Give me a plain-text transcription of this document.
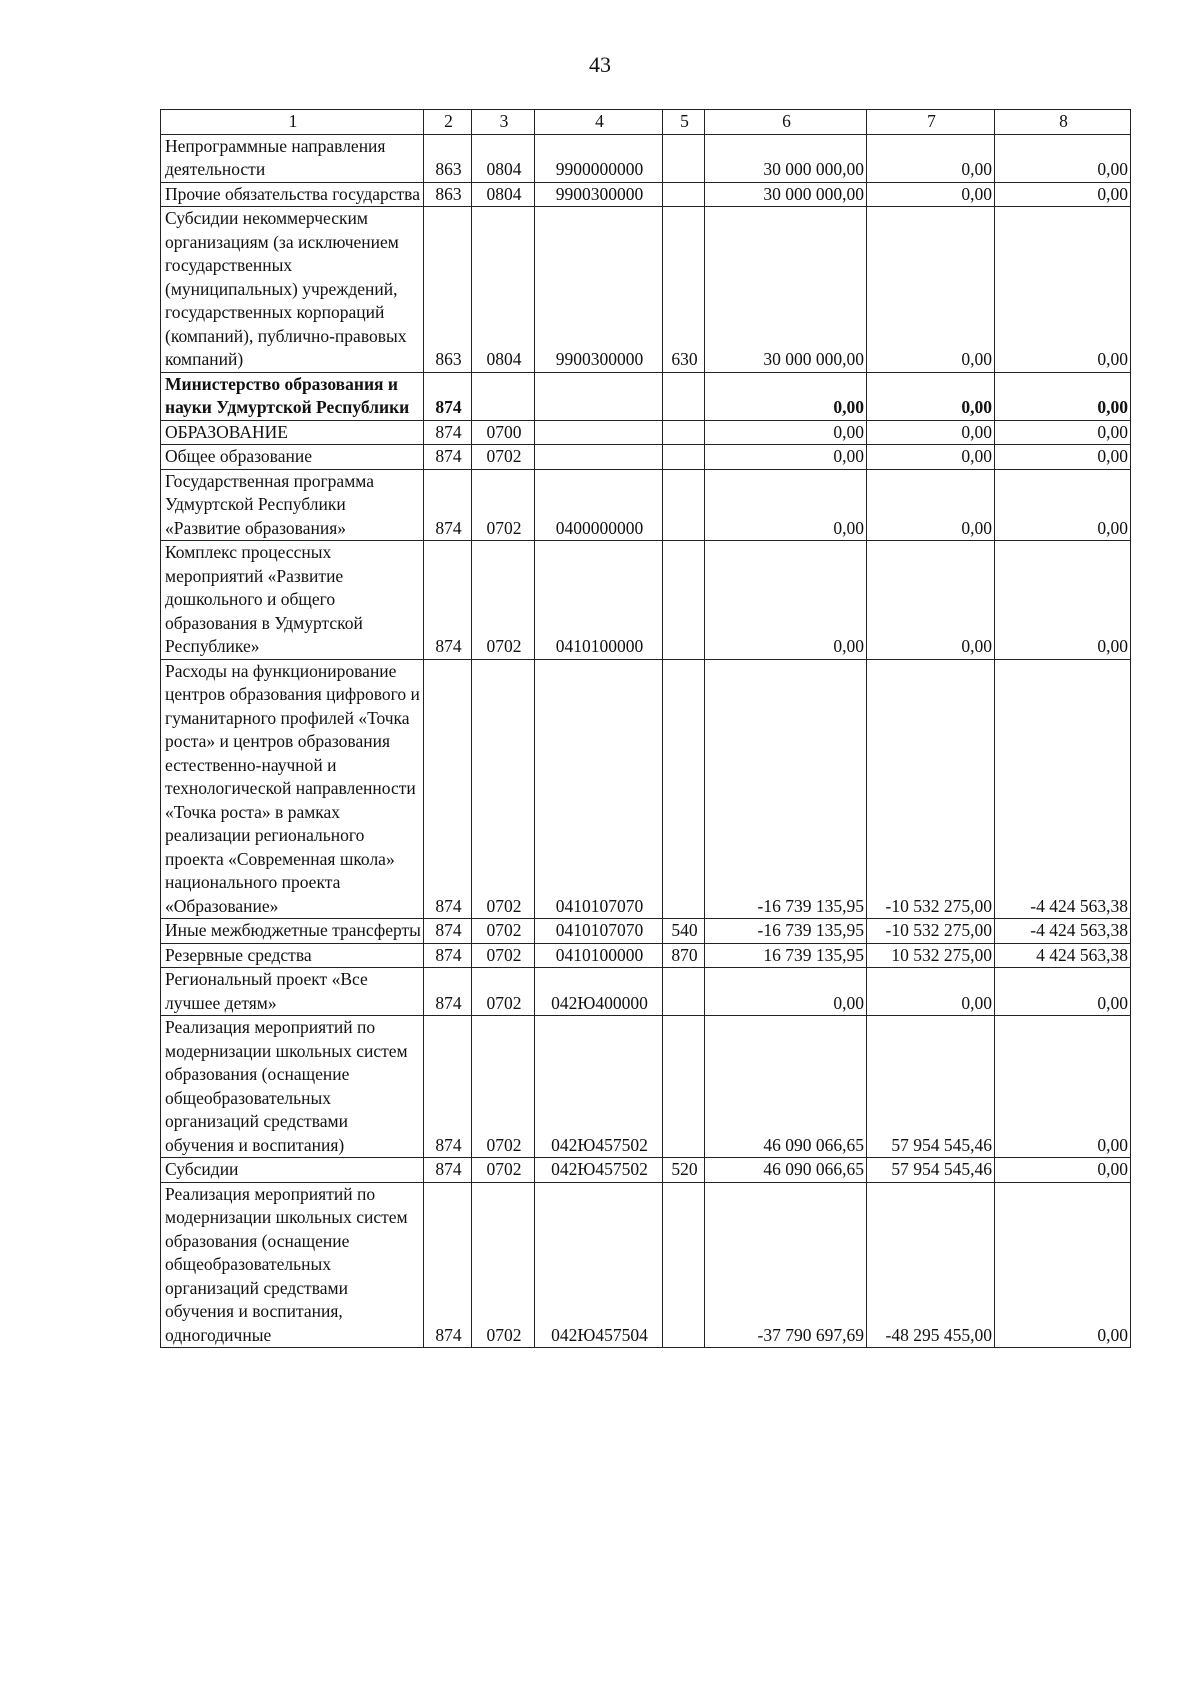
43
1	2	3	4	5	6	7	8
Непрограммные направления деятельности	863	0804	9900000000		30 000 000,00	0,00	0,00
Прочие обязательства государства	863	0804	9900300000		30 000 000,00	0,00	0,00
Субсидии некоммерческим организациям (за исключением государственных (муниципальных) учреждений, государственных корпораций (компаний), публично-правовых компаний)	863	0804	9900300000	630	30 000 000,00	0,00	0,00
Министерство образования и науки Удмуртской Республики	874				0,00	0,00	0,00
ОБРАЗОВАНИЕ	874	0700			0,00	0,00	0,00
Общее образование	874	0702			0,00	0,00	0,00
Государственная программа Удмуртской Республики «Развитие образования»	874	0702	0400000000		0,00	0,00	0,00
Комплекс процессных мероприятий «Развитие дошкольного и общего образования в Удмуртской Республике»	874	0702	0410100000		0,00	0,00	0,00
Расходы на функционирование центров образования цифрового и гуманитарного профилей «Точка роста» и центров образования естественно-научной и технологической направленности «Точка роста» в рамках реализации регионального проекта «Современная школа» национального проекта «Образование»	874	0702	0410107070		-16 739 135,95	-10 532 275,00	-4 424 563,38
Иные межбюджетные трансферты	874	0702	0410107070	540	-16 739 135,95	-10 532 275,00	-4 424 563,38
Резервные средства	874	0702	0410100000	870	16 739 135,95	10 532 275,00	4 424 563,38
Региональный проект «Все лучшее детям»	874	0702	042Ю400000		0,00	0,00	0,00
Реализация мероприятий по модернизации школьных систем образования (оснащение общеобразовательных организаций средствами обучения и воспитания)	874	0702	042Ю457502		46 090 066,65	57 954 545,46	0,00
Субсидии	874	0702	042Ю457502	520	46 090 066,65	57 954 545,46	0,00
Реализация мероприятий по модернизации школьных систем образования (оснащение общеобразовательных организаций средствами обучения и воспитания, одногодичные	874	0702	042Ю457504		-37 790 697,69	-48 295 455,00	0,00
